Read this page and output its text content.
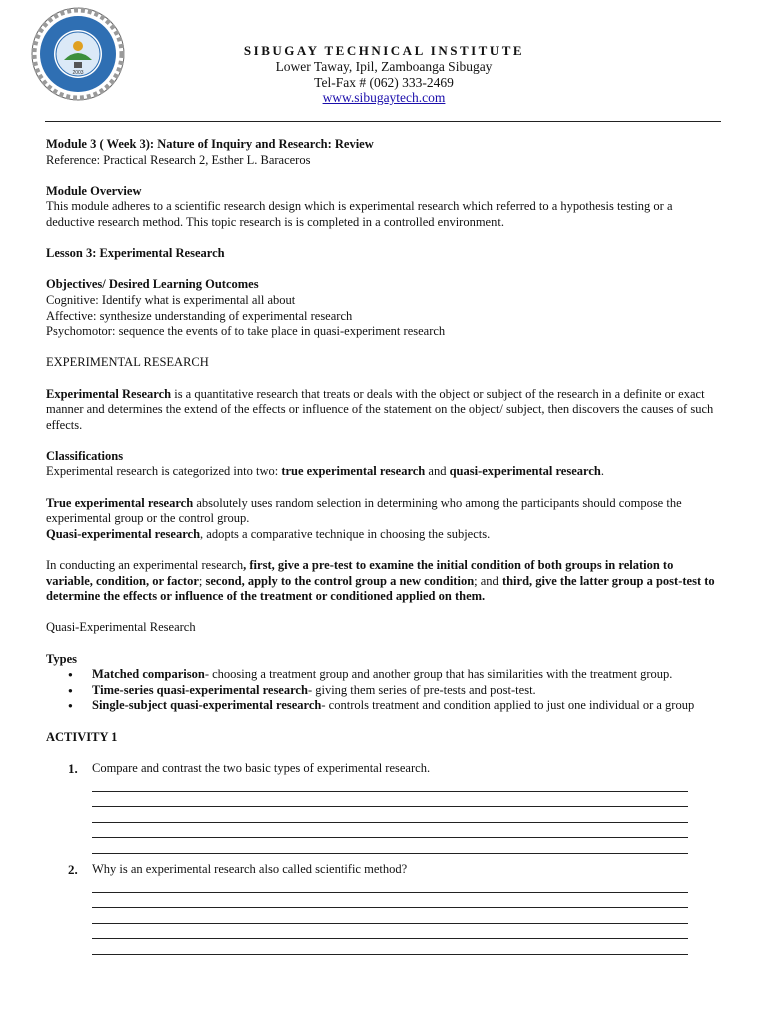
2003
SIBUGAY TECHNICAL INSTITUTE
Lower Taway, Ipil, Zamboanga Sibugay
Tel-Fax # (062) 333-2469
www.sibugaytech.com
Module 3 ( Week 3): Nature of Inquiry and Research: Review
Reference: Practical Research 2, Esther L. Baraceros
Module Overview
This module adheres to a scientific research design which is experimental research which referred to a hypothesis testing or a deductive research method. This topic research is is completed in a controlled environment.
Lesson 3: Experimental Research
Objectives/ Desired Learning Outcomes
Cognitive: Identify what is experimental all about
Affective: synthesize understanding of experimental research
Psychomotor: sequence the events of to take place in quasi-experiment research
EXPERIMENTAL RESEARCH
Experimental Research is a quantitative research that treats or deals with the object or subject of the research in a definite or exact manner and determines the extend of the effects or influence of the statement on the object/ subject, then discovers the causes of such effects.
Classifications
Experimental research is categorized into two: true experimental research and quasi-experimental research.
True experimental research absolutely uses random selection in determining who among the participants should compose the experimental group or the control group.
Quasi-experimental research, adopts a comparative technique in choosing the subjects.
In conducting an experimental research, first, give a pre-test to examine the initial condition of both groups in relation to variable, condition, or factor; second, apply to the control group a new condition; and third, give the latter group a post-test to determine the effects or influence of the treatment or conditioned applied on them.
Quasi-Experimental Research
Types
● Matched comparison- choosing a treatment group and another group that has similarities with the treatment group.
● Time-series quasi-experimental research- giving them series of pre-tests and post-test.
● Single-subject quasi-experimental research- controls treatment and condition applied to just one individual or a group
ACTIVITY 1
1. Compare and contrast the two basic types of experimental research.
2. Why is an experimental research also called scientific method?
